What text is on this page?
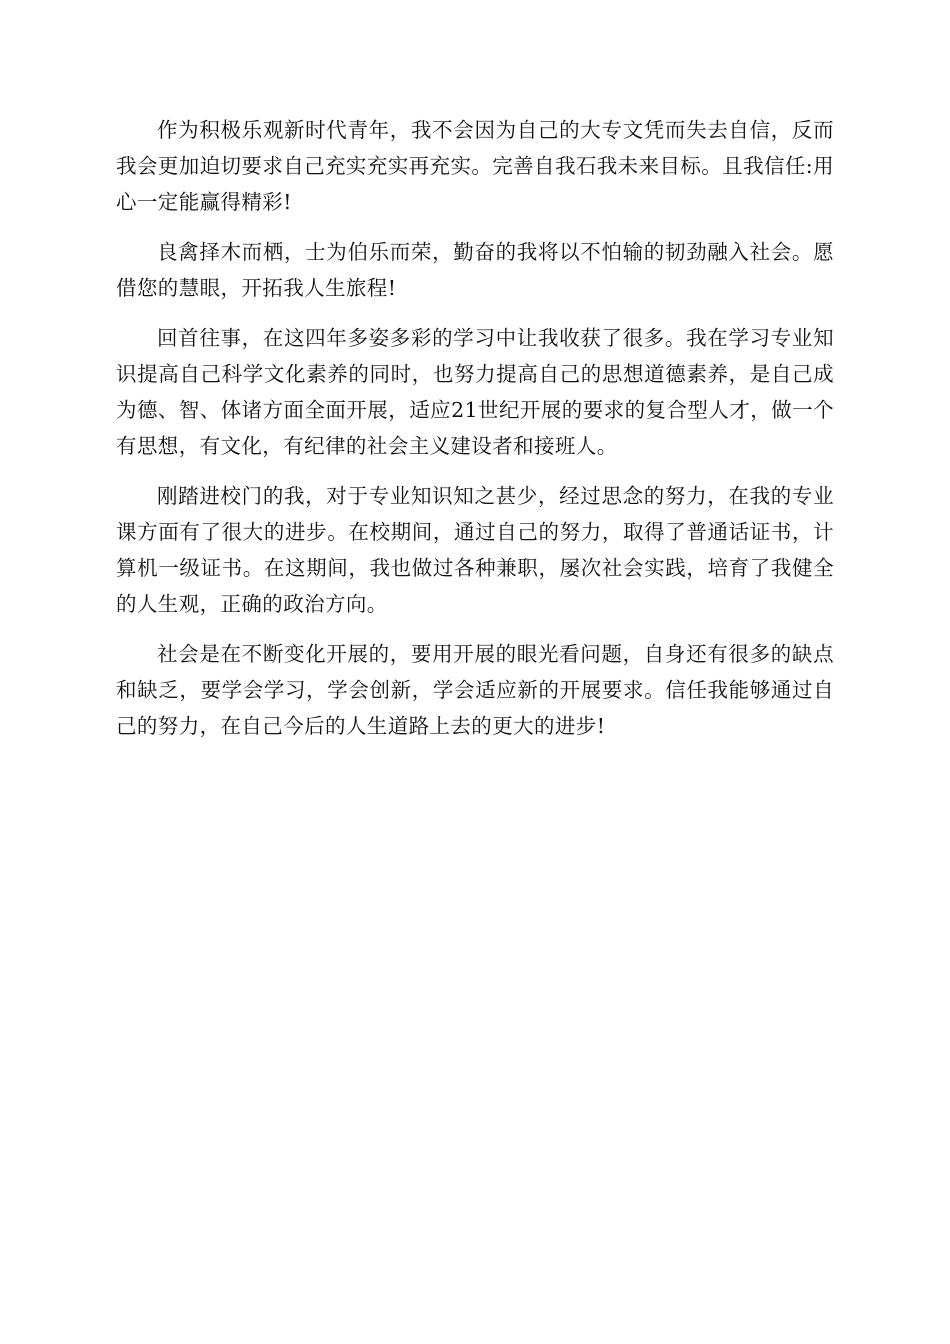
作为积极乐观新时代青年，我不会因为自己的大专文凭而失去自信，反而我会更加迫切要求自己充实充实再充实。完善自我石我未来目标。且我信任:用心一定能赢得精彩!

良禽择木而栖，士为伯乐而荣，勤奋的我将以不怕输的韧劲融入社会。愿借您的慧眼，开拓我人生旅程!

回首往事，在这四年多姿多彩的学习中让我收获了很多。我在学习专业知识提高自己科学文化素养的同时，也努力提高自己的思想道德素养，是自己成为德、智、体诸方面全面开展，适应21世纪开展的要求的复合型人才，做一个有思想，有文化，有纪律的社会主义建设者和接班人。

刚踏进校门的我，对于专业知识知之甚少，经过思念的努力，在我的专业课方面有了很大的进步。在校期间，通过自己的努力，取得了普通话证书，计算机一级证书。在这期间，我也做过各种兼职，屡次社会实践，培育了我健全的人生观，正确的政治方向。

社会是在不断变化开展的，要用开展的眼光看问题，自身还有很多的缺点和缺乏，要学会学习，学会创新，学会适应新的开展要求。信任我能够通过自己的努力，在自己今后的人生道路上去的更大的进步!
